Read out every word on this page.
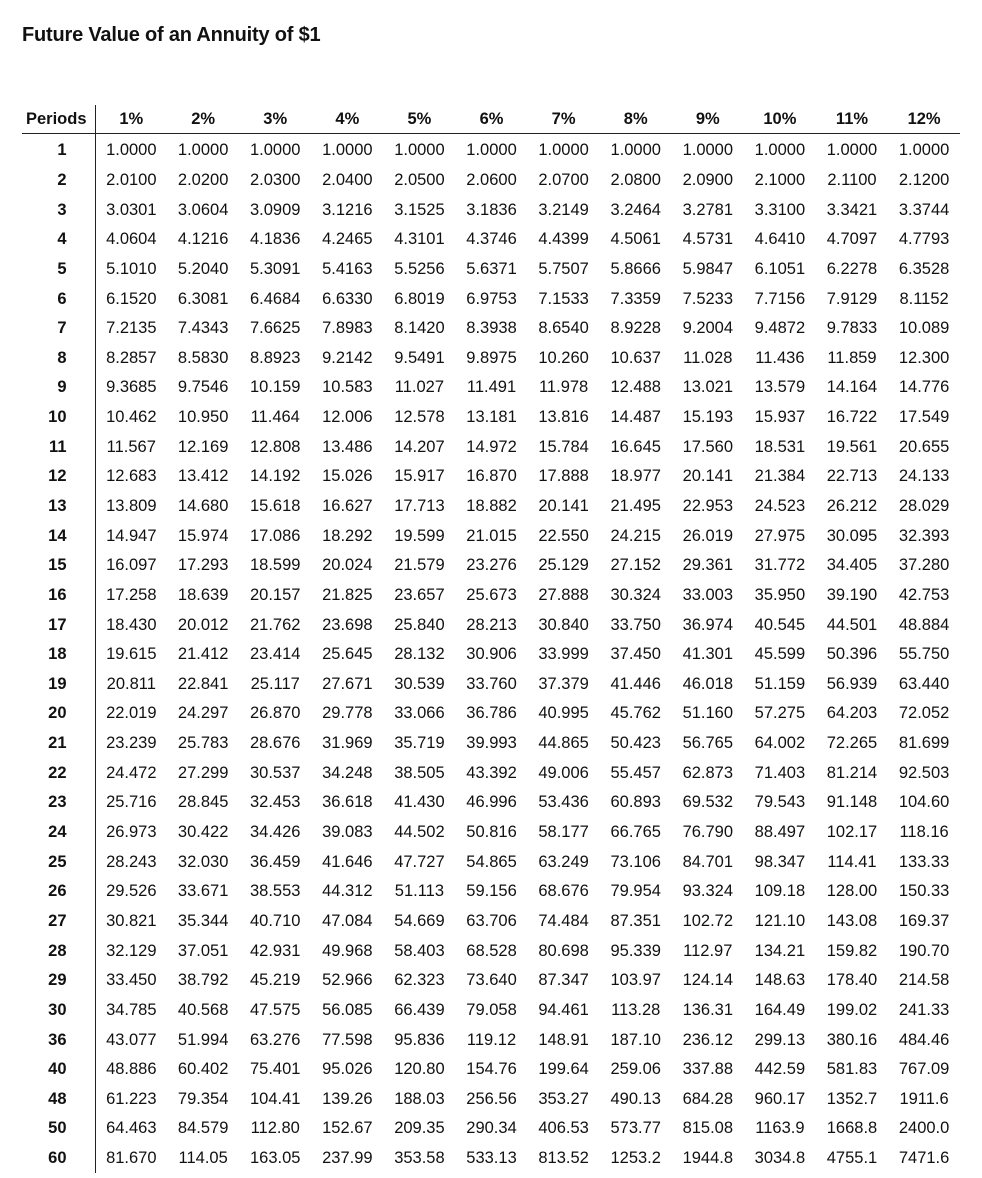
Future Value of an Annuity of $1
Periods	1%	2%	3%	4%	5%	6%	7%	8%	9%	10%	11%	12%
1	1.0000	1.0000	1.0000	1.0000	1.0000	1.0000	1.0000	1.0000	1.0000	1.0000	1.0000	1.0000
2	2.0100	2.0200	2.0300	2.0400	2.0500	2.0600	2.0700	2.0800	2.0900	2.1000	2.1100	2.1200
3	3.0301	3.0604	3.0909	3.1216	3.1525	3.1836	3.2149	3.2464	3.2781	3.3100	3.3421	3.3744
4	4.0604	4.1216	4.1836	4.2465	4.3101	4.3746	4.4399	4.5061	4.5731	4.6410	4.7097	4.7793
5	5.1010	5.2040	5.3091	5.4163	5.5256	5.6371	5.7507	5.8666	5.9847	6.1051	6.2278	6.3528
6	6.1520	6.3081	6.4684	6.6330	6.8019	6.9753	7.1533	7.3359	7.5233	7.7156	7.9129	8.1152
7	7.2135	7.4343	7.6625	7.8983	8.1420	8.3938	8.6540	8.9228	9.2004	9.4872	9.7833	10.089
8	8.2857	8.5830	8.8923	9.2142	9.5491	9.8975	10.260	10.637	11.028	11.436	11.859	12.300
9	9.3685	9.7546	10.159	10.583	11.027	11.491	11.978	12.488	13.021	13.579	14.164	14.776
10	10.462	10.950	11.464	12.006	12.578	13.181	13.816	14.487	15.193	15.937	16.722	17.549
11	11.567	12.169	12.808	13.486	14.207	14.972	15.784	16.645	17.560	18.531	19.561	20.655
12	12.683	13.412	14.192	15.026	15.917	16.870	17.888	18.977	20.141	21.384	22.713	24.133
13	13.809	14.680	15.618	16.627	17.713	18.882	20.141	21.495	22.953	24.523	26.212	28.029
14	14.947	15.974	17.086	18.292	19.599	21.015	22.550	24.215	26.019	27.975	30.095	32.393
15	16.097	17.293	18.599	20.024	21.579	23.276	25.129	27.152	29.361	31.772	34.405	37.280
16	17.258	18.639	20.157	21.825	23.657	25.673	27.888	30.324	33.003	35.950	39.190	42.753
17	18.430	20.012	21.762	23.698	25.840	28.213	30.840	33.750	36.974	40.545	44.501	48.884
18	19.615	21.412	23.414	25.645	28.132	30.906	33.999	37.450	41.301	45.599	50.396	55.750
19	20.811	22.841	25.117	27.671	30.539	33.760	37.379	41.446	46.018	51.159	56.939	63.440
20	22.019	24.297	26.870	29.778	33.066	36.786	40.995	45.762	51.160	57.275	64.203	72.052
21	23.239	25.783	28.676	31.969	35.719	39.993	44.865	50.423	56.765	64.002	72.265	81.699
22	24.472	27.299	30.537	34.248	38.505	43.392	49.006	55.457	62.873	71.403	81.214	92.503
23	25.716	28.845	32.453	36.618	41.430	46.996	53.436	60.893	69.532	79.543	91.148	104.60
24	26.973	30.422	34.426	39.083	44.502	50.816	58.177	66.765	76.790	88.497	102.17	118.16
25	28.243	32.030	36.459	41.646	47.727	54.865	63.249	73.106	84.701	98.347	114.41	133.33
26	29.526	33.671	38.553	44.312	51.113	59.156	68.676	79.954	93.324	109.18	128.00	150.33
27	30.821	35.344	40.710	47.084	54.669	63.706	74.484	87.351	102.72	121.10	143.08	169.37
28	32.129	37.051	42.931	49.968	58.403	68.528	80.698	95.339	112.97	134.21	159.82	190.70
29	33.450	38.792	45.219	52.966	62.323	73.640	87.347	103.97	124.14	148.63	178.40	214.58
30	34.785	40.568	47.575	56.085	66.439	79.058	94.461	113.28	136.31	164.49	199.02	241.33
36	43.077	51.994	63.276	77.598	95.836	119.12	148.91	187.10	236.12	299.13	380.16	484.46
40	48.886	60.402	75.401	95.026	120.80	154.76	199.64	259.06	337.88	442.59	581.83	767.09
48	61.223	79.354	104.41	139.26	188.03	256.56	353.27	490.13	684.28	960.17	1352.7	1911.6
50	64.463	84.579	112.80	152.67	209.35	290.34	406.53	573.77	815.08	1163.9	1668.8	2400.0
60	81.670	114.05	163.05	237.99	353.58	533.13	813.52	1253.2	1944.8	3034.8	4755.1	7471.6
